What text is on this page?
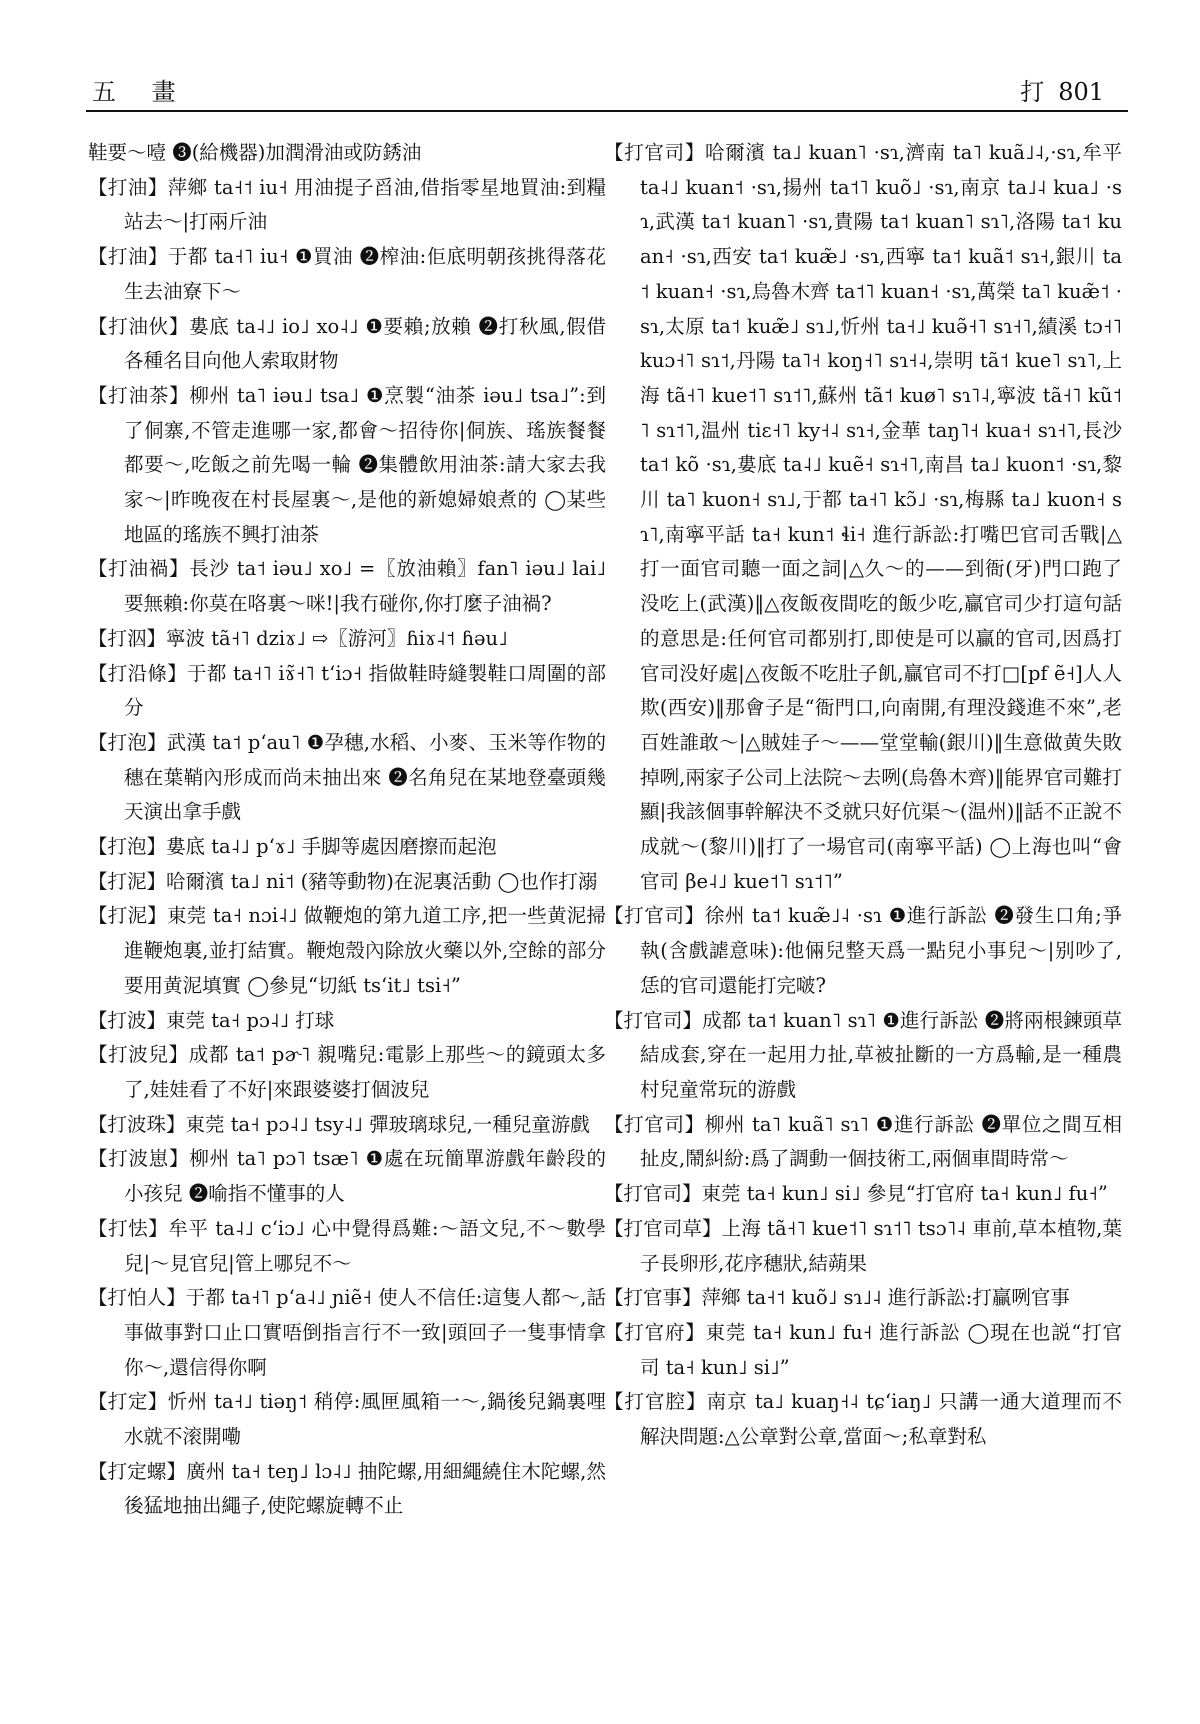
五 畫	打 801

鞋要～噎 ❸(給機器)加潤滑油或防銹油

【打油】萍鄉 ta˧˦ iu˧ 用油提子舀油,借指零星地買油:到糧站去～|打兩斤油

【打油】于都 ta˧˥ iu˧ ❶買油 ❷榨油:佢底明朝孩挑得落花生去油寮下～

【打油伙】婁底 ta˨˩ io˩ xo˨˩ ❶要賴;放賴 ❷打秋風,假借各種名目向他人索取財物

【打油茶】柳州 ta˥ iəu˩ tsa˩ ❶烹製“油茶 iəu˩ tsa˩”:到了侗寨,不管走進哪一家,都會～招待你|侗族、瑤族餐餐都要～,吃飯之前先喝一輪 ❷集體飲用油茶:請大家去我家～|昨晚夜在村長屋裏～,是他的新媳婦娘煮的 ◯某些地區的瑤族不興打油茶

【打油禍】長沙 ta˦ iəu˩ xo˩ =〖放油賴〗fan˥ iəu˩ lai˩ 要無賴:你莫在咯裏～咪!|我冇碰你,你打麼子油禍?

【打泅】寧波 tã˧˥ dziɤ˩ ⇨〖游河〗ɦiɤ˨˦ ɦəu˩

【打沿條】于都 ta˧˥ iɤ̃˧˥ tʻiɔ˧ 指做鞋時縫製鞋口周圍的部分

【打泡】武漢 ta˦ pʻau˥ ❶孕穗,水稻、小麥、玉米等作物的穗在葉鞘內形成而尚未抽出來 ❷名角兒在某地登臺頭幾天演出拿手戲

【打泡】婁底 ta˨˩ pʻɤ˩ 手脚等處因磨擦而起泡

【打泥】哈爾濱 ta˩ ni˦ (豬等動物)在泥裏活動 ◯也作打溺

【打泥】東莞 ta˧ nɔi˨˩ 做鞭炮的第九道工序,把一些黄泥掃進鞭炮裏,並打結實。鞭炮殼內除放火藥以外,空餘的部分要用黄泥填實 ◯參見“切紙 tsʻit˩ tsi˧”

【打波】東莞 ta˧ pɔ˨˩ 打球

【打波兒】成都 ta˦ pɚ˥ 親嘴兒:電影上那些～的鏡頭太多了,娃娃看了不好|來跟婆婆打個波兒

【打波珠】東莞 ta˧ pɔ˨˩ tsy˨˩ 彈玻璃球兒,一種兒童游戲

【打波崽】柳州 ta˥ pɔ˥ tsæ˥ ❶處在玩簡單游戲年齡段的小孩兒 ❷喻指不懂事的人

【打怯】牟平 ta˨˩ cʻiɔ˩ 心中覺得爲難:～語文兒,不～數學兒|～見官兒|管上哪兒不～

【打怕人】于都 ta˧˥ pʻa˨˩ ɲiẽ˧ 使人不信任:這隻人都～,話事做事對口止口實唔倒指言行不一致|頭回子一隻事情拿你～,還信得你啊

【打定】忻州 ta˧˩ tiəŋ˦ 稍停:風匣風箱一～,鍋後兒鍋裏哩水就不滚開嘞

【打定螺】廣州 ta˧ teŋ˩ lɔ˨˩ 抽陀螺,用細繩繞住木陀螺,然後猛地抽出繩子,使陀螺旋轉不止

【打官司】哈爾濱 ta˩ kuan˥ ·sɿ,濟南 ta˥ kuã˩˨,·sɿ,牟平 ta˨˩ kuan˦ ·sɿ,揚州 ta˦˥ kuõ˩ ·sɿ,南京 ta˩˨ kua˩ ·sɿ,武漢 ta˦ kuan˥ ·sɿ,貴陽 ta˦ kuan˥ sɿ˥,洛陽 ta˦ kuan˧ ·sɿ,西安 ta˦ kuæ̃˩ ·sɿ,西寧 ta˦ kuã˦ sɿ˧,銀川 ta˦ kuan˧ ·sɿ,烏魯木齊 ta˦˥ kuan˧ ·sɿ,萬榮 ta˥ kuæ̃˦ ·sɿ,太原 ta˦ kuæ̃˩ sɿ˩,忻州 ta˧˩ kuə̃˧˥ sɿ˧˥,績溪 tɔ˧˥ kuɔ˧˥ sɿ˦,丹陽 ta˥˧ koŋ˧˥ sɿ˧˨,崇明 tã˦ kue˥ sɿ˥,上海 tã˧˥ kue˦˥ sɿ˦˥,蘇州 tã˦ kuø˥ sɿ˥˨,寧波 tã˧˥ kũ˦˥ sɿ˦˥,温州 tiɛ˧˥ ky˧˨ sɿ˧,金華 taŋ˥˧ kua˧ sɿ˧˥,長沙 ta˦ kõ ·sɿ,婁底 ta˨˩ kuẽ˧ sɿ˧˥,南昌 ta˩ kuon˦ ·sɿ,黎川 ta˥ kuon˧ sɿ˩,于都 ta˧˥ kɔ̃˩ ·sɿ,梅縣 ta˩ kuon˧ sɿ˥,南寧平話 ta˧ kun˦ ɬi˧ 進行訴訟:打嘴巴官司舌戰|△打一面官司聽一面之詞|△久～的——到衙(牙)門口跑了没吃上(武漢)‖△夜飯夜間吃的飯少吃,贏官司少打這句話的意思是:任何官司都别打,即使是可以贏的官司,因爲打官司没好處|△夜飯不吃肚子飢,贏官司不打□[pf ẽ˧]人人欺(西安)‖那會子是“衙門口,向南開,有理没錢進不來”,老百姓誰敢～|△賊娃子～——堂堂輸(銀川)‖生意做黄失敗掉咧,兩家子公司上法院～去咧(烏魯木齊)‖能界官司難打顯|我該個事幹解決不爻就只好伉渠～(温州)‖話不正說不成就～(黎川)‖打了一場官司(南寧平話) ◯上海也叫“會官司 βe˨˩ kue˦˥ sɿ˦˥”

【打官司】徐州 ta˦ kuæ̃˩˨ ·sɿ ❶進行訴訟 ❷發生口角;爭執(含戲謔意味):他倆兒整天爲一點兒小事兒～|别吵了,恁的官司還能打完啵?

【打官司】成都 ta˦ kuan˥ sɿ˥ ❶進行訴訟 ❷將兩根鍊頭草結成套,穿在一起用力扯,草被扯斷的一方爲輸,是一種農村兒童常玩的游戲

【打官司】柳州 ta˥ kuã˥ sɿ˥ ❶進行訴訟 ❷單位之間互相扯皮,鬧糾紛:爲了調動一個技術工,兩個車間時常～

【打官司】東莞 ta˧ kun˩ si˩ 參見“打官府 ta˧ kun˩ fu˧”

【打官司草】上海 tã˧˥ kue˦˥ sɿ˦˥ tsɔ˥˨ 車前,草本植物,葉子長卵形,花序穗狀,結蒴果

【打官事】萍鄉 ta˧˦ kuõ˩ sɿ˩˨ 進行訴訟:打贏咧官事

【打官府】東莞 ta˧ kun˩ fu˧ 進行訴訟 ◯現在也説“打官司 ta˧ kun˩ si˩”

【打官腔】南京 ta˩ kuaŋ˧˨ tɕʻiaŋ˩ 只講一通大道理而不解決問題:△公章對公章,當面～;私章對私
